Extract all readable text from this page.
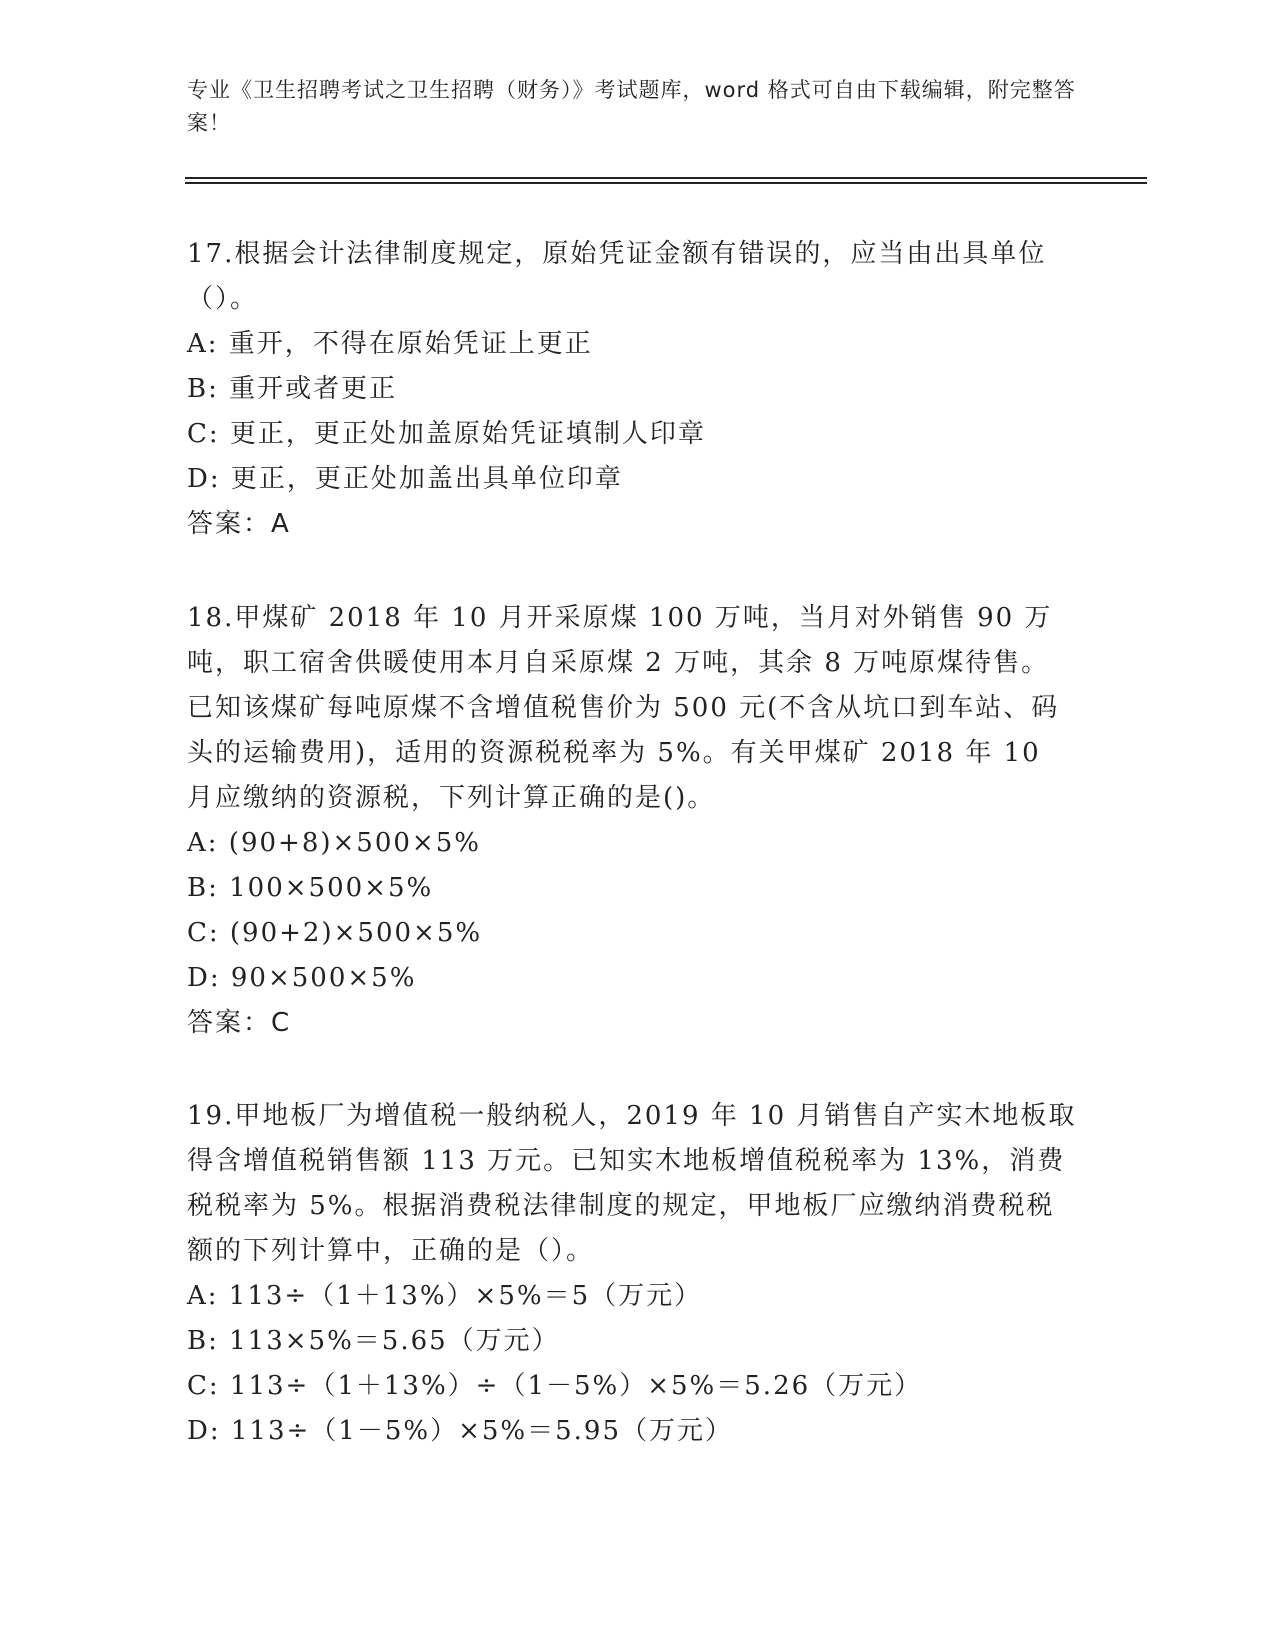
专业《卫生招聘考试之卫生招聘（财务）》考试题库，word 格式可自由下载编辑，附完整答案！
17.根据会计法律制度规定，原始凭证金额有错误的，应当由出具单位（）。
A: 重开，不得在原始凭证上更正
B: 重开或者更正
C: 更正，更正处加盖原始凭证填制人印章
D: 更正，更正处加盖出具单位印章
答案：A
18.甲煤矿 2018 年 10 月开采原煤 100 万吨，当月对外销售 90 万吨，职工宿舍供暖使用本月自采原煤 2 万吨，其余 8 万吨原煤待售。已知该煤矿每吨原煤不含增值税售价为 500 元(不含从坑口到车站、码头的运输费用)，适用的资源税税率为 5%。有关甲煤矿 2018 年 10 月应缴纳的资源税，下列计算正确的是()。
A: (90+8)×500×5%
B: 100×500×5%
C: (90+2)×500×5%
D: 90×500×5%
答案：C
19.甲地板厂为增值税一般纳税人，2019 年 10 月销售自产实木地板取得含增值税销售额 113 万元。已知实木地板增值税税率为 13%，消费税税率为 5%。根据消费税法律制度的规定，甲地板厂应缴纳消费税税额的下列计算中，正确的是（）。
A: 113÷（1＋13%）×5%＝5（万元）
B: 113×5%＝5.65（万元）
C: 113÷（1＋13%）÷（1－5%）×5%＝5.26（万元）
D: 113÷（1－5%）×5%＝5.95（万元）
